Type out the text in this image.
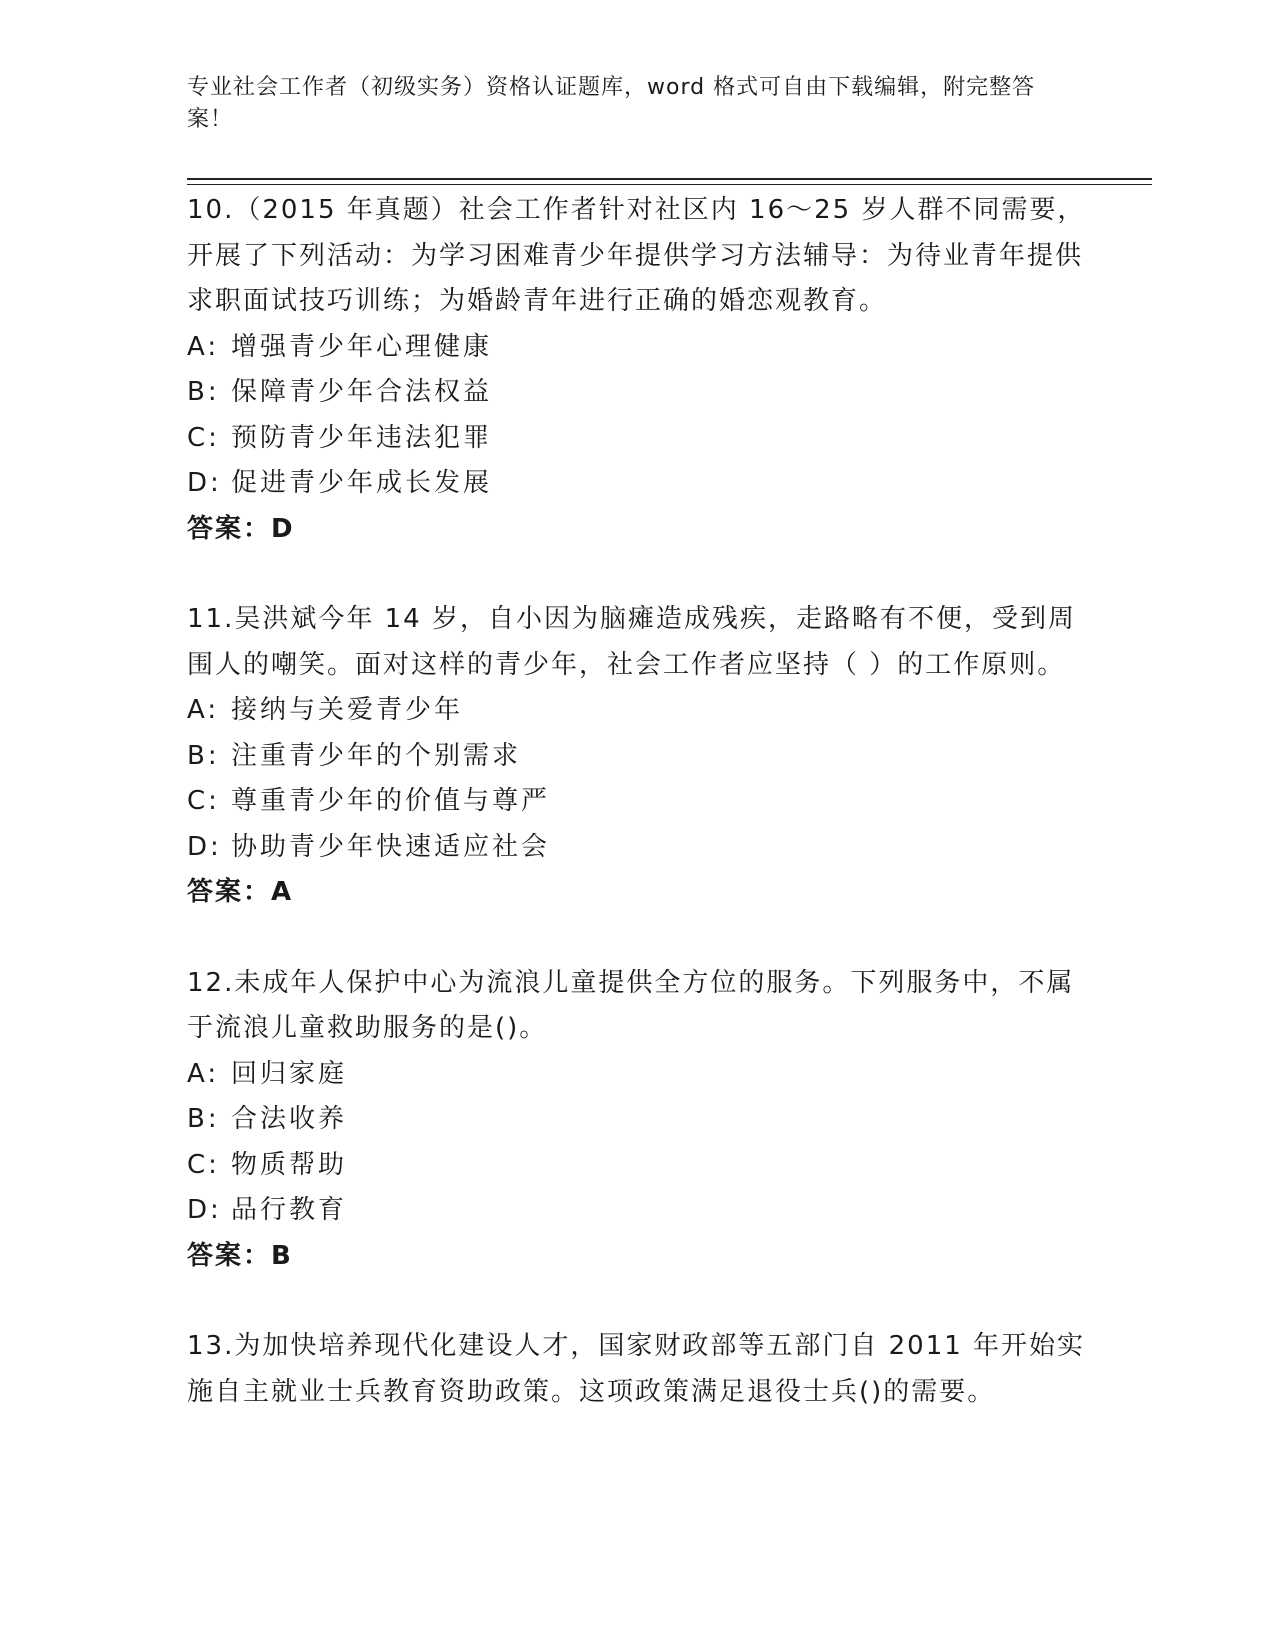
专业社会工作者（初级实务）资格认证题库，word 格式可自由下载编辑，附完整答案！
10.（2015 年真题）社会工作者针对社区内 16～25 岁人群不同需要，开展了下列活动：为学习困难青少年提供学习方法辅导：为待业青年提供求职面试技巧训练；为婚龄青年进行正确的婚恋观教育。
A: 增强青少年心理健康
B: 保障青少年合法权益
C: 预防青少年违法犯罪
D: 促进青少年成长发展
答案：D
11.吴洪斌今年 14 岁，自小因为脑瘫造成残疾，走路略有不便，受到周围人的嘲笑。面对这样的青少年，社会工作者应坚持（ ）的工作原则。
A: 接纳与关爱青少年
B: 注重青少年的个别需求
C: 尊重青少年的价值与尊严
D: 协助青少年快速适应社会
答案：A
12.未成年人保护中心为流浪儿童提供全方位的服务。下列服务中，不属于流浪儿童救助服务的是()。
A: 回归家庭
B: 合法收养
C: 物质帮助
D: 品行教育
答案：B
13.为加快培养现代化建设人才，国家财政部等五部门自 2011 年开始实施自主就业士兵教育资助政策。这项政策满足退役士兵()的需要。
